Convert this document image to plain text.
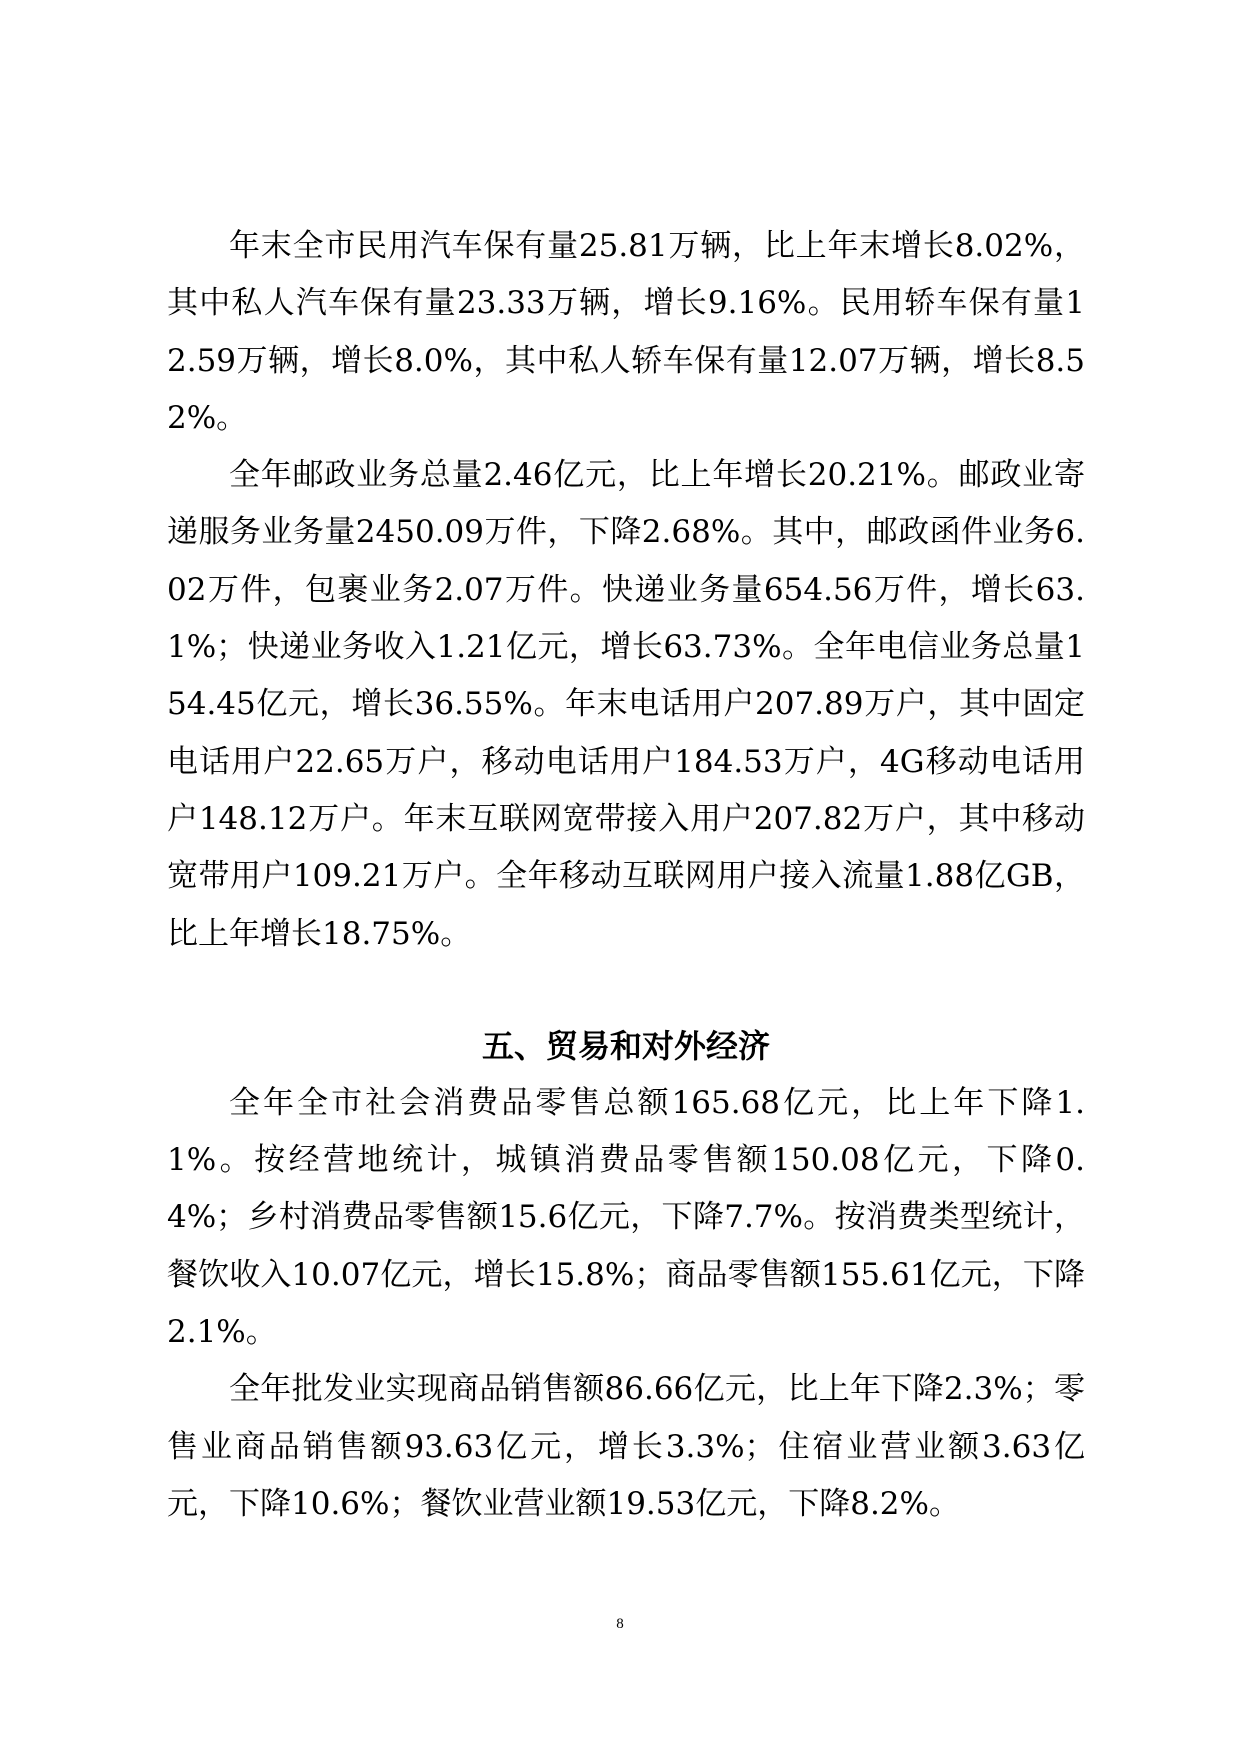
年末全市民用汽车保有量25.81万辆，比上年末增长8.02%，其中私人汽车保有量23.33万辆，增长9.16%。民用轿车保有量12.59万辆，增长8.0%，其中私人轿车保有量12.07万辆，增长8.52%。

全年邮政业务总量2.46亿元，比上年增长20.21%。邮政业寄递服务业务量2450.09万件，下降2.68%。其中，邮政函件业务6.02万件，包裹业务2.07万件。快递业务量654.56万件，增长63.1%；快递业务收入1.21亿元，增长63.73%。全年电信业务总量154.45亿元，增长36.55%。年末电话用户207.89万户，其中固定电话用户22.65万户，移动电话用户184.53万户，4G移动电话用户148.12万户。年末互联网宽带接入用户207.82万户，其中移动宽带用户109.21万户。全年移动互联网用户接入流量1.88亿GB，比上年增长18.75%。

五、贸易和对外经济

全年全市社会消费品零售总额165.68亿元，比上年下降1.1%。按经营地统计，城镇消费品零售额150.08亿元，下降0.4%；乡村消费品零售额15.6亿元，下降7.7%。按消费类型统计，餐饮收入10.07亿元，增长15.8%；商品零售额155.61亿元，下降2.1%。

全年批发业实现商品销售额86.66亿元，比上年下降2.3%；零售业商品销售额93.63亿元，增长3.3%；住宿业营业额3.63亿元，下降10.6%；餐饮业营业额19.53亿元，下降8.2%。

8
